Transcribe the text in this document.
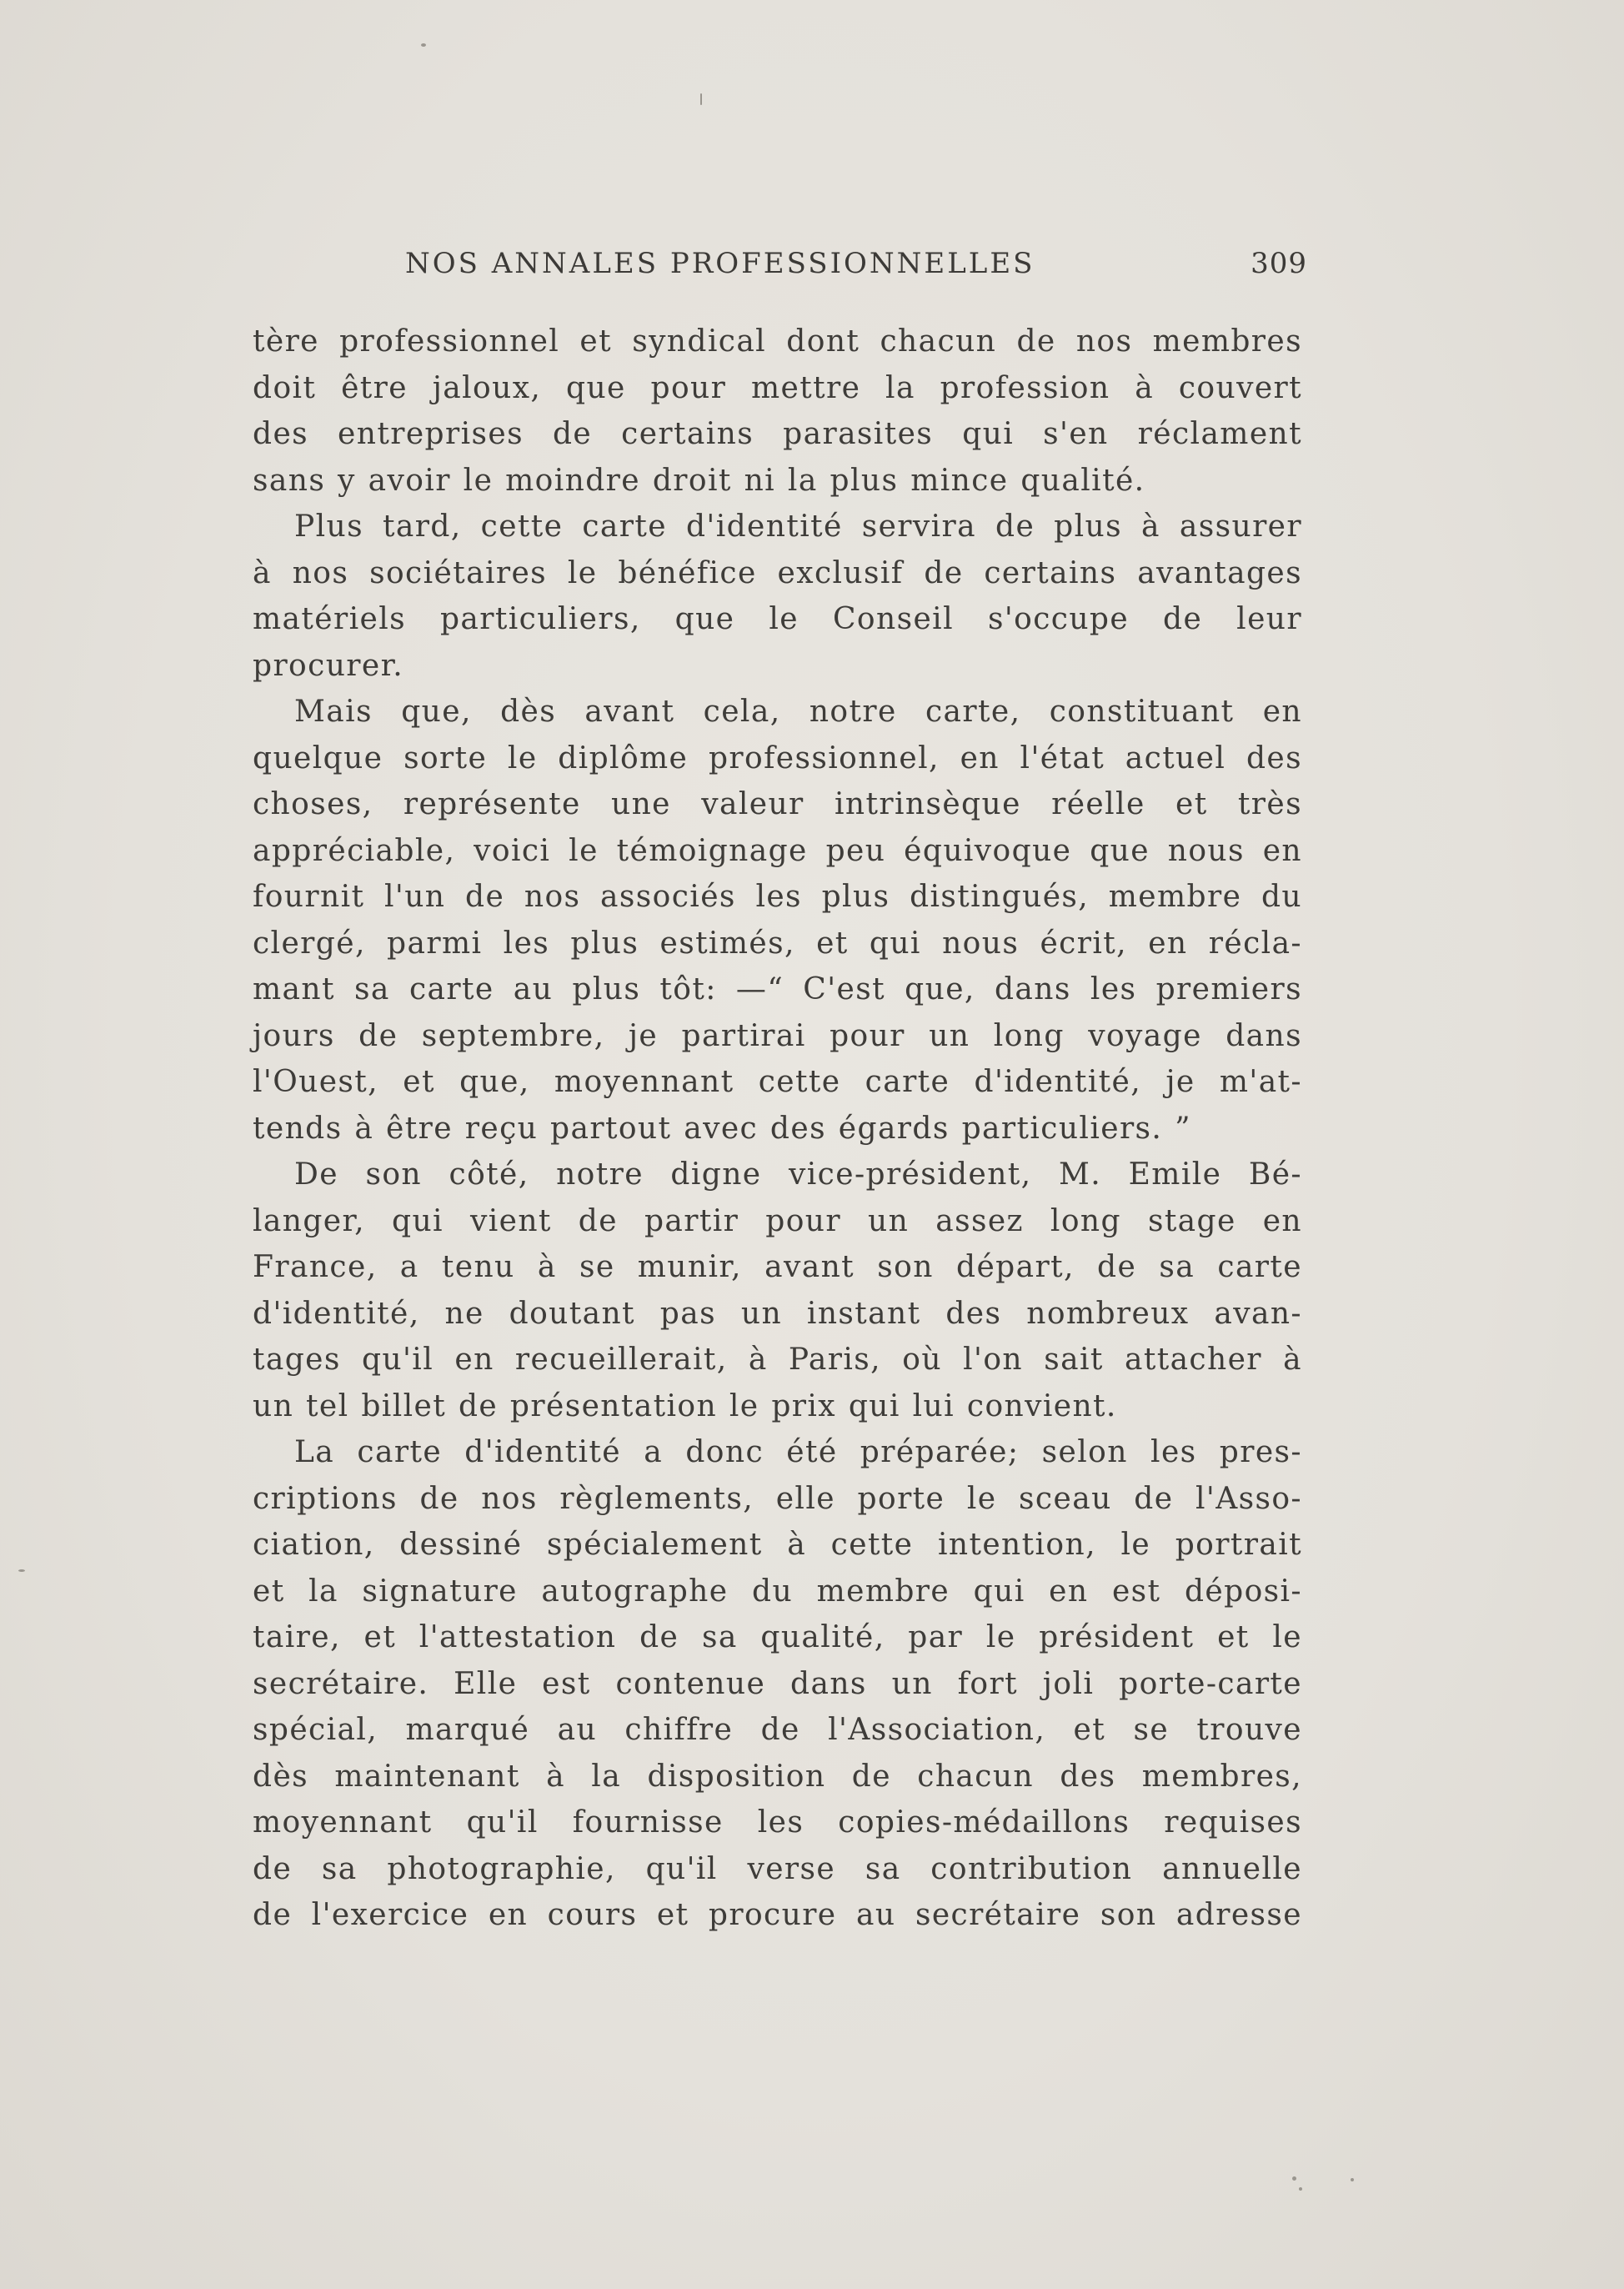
NOS ANNALES PROFESSIONNELLES	309
tère professionnel et syndical dont chacun de nos membres
doit être jaloux, que pour mettre la profession à couvert
des entreprises de certains parasites qui s'en réclament
sans y avoir le moindre droit ni la plus mince qualité.
Plus tard, cette carte d'identité servira de plus à assurer
à nos sociétaires le bénéfice exclusif de certains avantages
matériels particuliers, que le Conseil s'occupe de leur
procurer.
Mais que, dès avant cela, notre carte, constituant en
quelque sorte le diplôme professionnel, en l'état actuel des
choses, représente une valeur intrinsèque réelle et très
appréciable, voici le témoignage peu équivoque que nous en
fournit l'un de nos associés les plus distingués, membre du
clergé, parmi les plus estimés, et qui nous écrit, en récla-
mant sa carte au plus tôt: —“ C'est que, dans les premiers
jours de septembre, je partirai pour un long voyage dans
l'Ouest, et que, moyennant cette carte d'identité, je m'at-
tends à être reçu partout avec des égards particuliers. ”
De son côté, notre digne vice-président, M. Emile Bé-
langer, qui vient de partir pour un assez long stage en
France, a tenu à se munir, avant son départ, de sa carte
d'identité, ne doutant pas un instant des nombreux avan-
tages qu'il en recueillerait, à Paris, où l'on sait attacher à
un tel billet de présentation le prix qui lui convient.
La carte d'identité a donc été préparée; selon les pres-
criptions de nos règlements, elle porte le sceau de l'Asso-
ciation, dessiné spécialement à cette intention, le portrait
et la signature autographe du membre qui en est déposi-
taire, et l'attestation de sa qualité, par le président et le
secrétaire. Elle est contenue dans un fort joli porte-carte
spécial, marqué au chiffre de l'Association, et se trouve
dès maintenant à la disposition de chacun des membres,
moyennant qu'il fournisse les copies-médaillons requises
de sa photographie, qu'il verse sa contribution annuelle
de l'exercice en cours et procure au secrétaire son adresse
